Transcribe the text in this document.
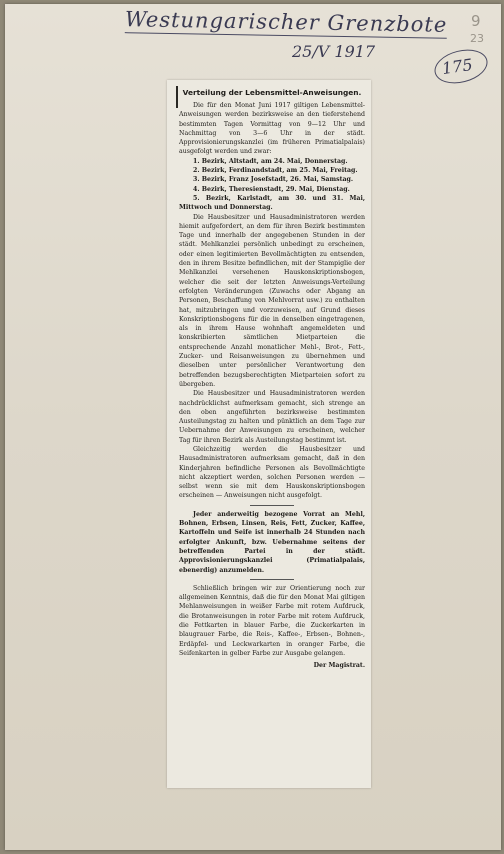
Westungarischer Grenzbote
25/V 1917
175
9
23
Verteilung der Lebensmittel-Anweisungen.

Die für den Monat Juni 1917 giltigen Lebensmittel-Anweisungen werden bezirksweise an den tieferstehend bestimmten Tagen Vormittag von 9—12 Uhr und Nachmittag von 3—6 Uhr in der städt. Approvisionierungskanzlei (im früheren Primatialpalais) ausgefolgt werden und zwar:

1. Bezirk, Altstadt, am 24. Mai, Donnerstag.

2. Bezirk, Ferdinandstadt, am 25. Mai, Freitag.

3. Bezirk, Franz Josefstadt, 26. Mai, Samstag.

4. Bezirk, Theresienstadt, 29. Mai, Dienstag.

5. Bezirk, Karlstadt, am 30. und 31. Mai, Mittwoch und Donnerstag.

Die Hausbesitzer und Hausadministratoren werden hiemit aufgefordert, an dem für ihren Bezirk bestimmten Tage und innerhalb der angegebenen Stunden in der städt. Mehlkanzlei persönlich unbedingt zu erscheinen, oder einen legitimierten Bevollmächtigten zu entsenden, den in ihrem Besitze befindlichen, mit der Stampiglie der Mehlkanzlei versehenen Hauskonskriptionsbogen, welcher die seit der letzten Anweisungs-Verteilung erfolgten Veränderungen (Zuwachs oder Abgang an Personen, Beschaffung von Mehlvorrat usw.) zu enthalten hat, mitzubringen und vorzuweisen, auf Grund dieses Konskriptionsbogens für die in denselben eingetragenen, als in ihrem Hause wohnhaft angemeldeten und konskribierten sämtlichen Mietparteien die entsprechende Anzahl monatlicher Mehl-, Brot-, Fett-, Zucker- und Reisanweisungen zu übernehmen und dieselben unter persönlicher Verantwortung den betreffenden bezugsberechtigten Mietparteien sofort zu übergeben.

Die Hausbesitzer und Hausadministratoren werden nachdrücklichst aufmerksam gemacht, sich strenge an den oben angeführten bezirksweise bestimmten Austeilungstag zu halten und pünktlich an dem Tage zur Uebernahme der Anweisungen zu erscheinen, welcher Tag für ihren Bezirk als Austeilungstag bestimmt ist.

Gleichzeitig werden die Hausbesitzer und Hausadministratoren aufmerksam gemacht, daß in den Kinderjahren befindliche Personen als Bevollmächtigte nicht akzeptiert werden, solchen Personen werden — selbst wenn sie mit dem Hauskonskriptionsbogen erscheinen — Anweisungen nicht ausgefolgt.

Jeder anderweitig bezogene Vorrat an Mehl, Bohnen, Erbsen, Linsen, Reis, Fett, Zucker, Kaffee, Kartoffeln und Seife ist innerhalb 24 Stunden nach erfolgter Ankunft, bzw. Uebernahme seitens der betreffenden Partei in der städt. Approvisionierungskanzlei (Primatialpalais, ebenerdig) anzumelden.

Schließlich bringen wir zur Orientierung noch zur allgemeinen Kenntnis, daß die für den Monat Mai giltigen Mehlanweisungen in weißer Farbe mit rotem Aufdruck, die Brotanweisungen in roter Farbe mit rotem Aufdruck, die Fettkarten in blauer Farbe, die Zuckerkarten in blaugrauer Farbe, die Reis-, Kaffee-, Erbsen-, Bohnen-, Erdäpfel- und Leckwarkarten in oranger Farbe, die Seifenkarten in gelber Farbe zur Ausgabe gelangen.

Der Magistrat.
